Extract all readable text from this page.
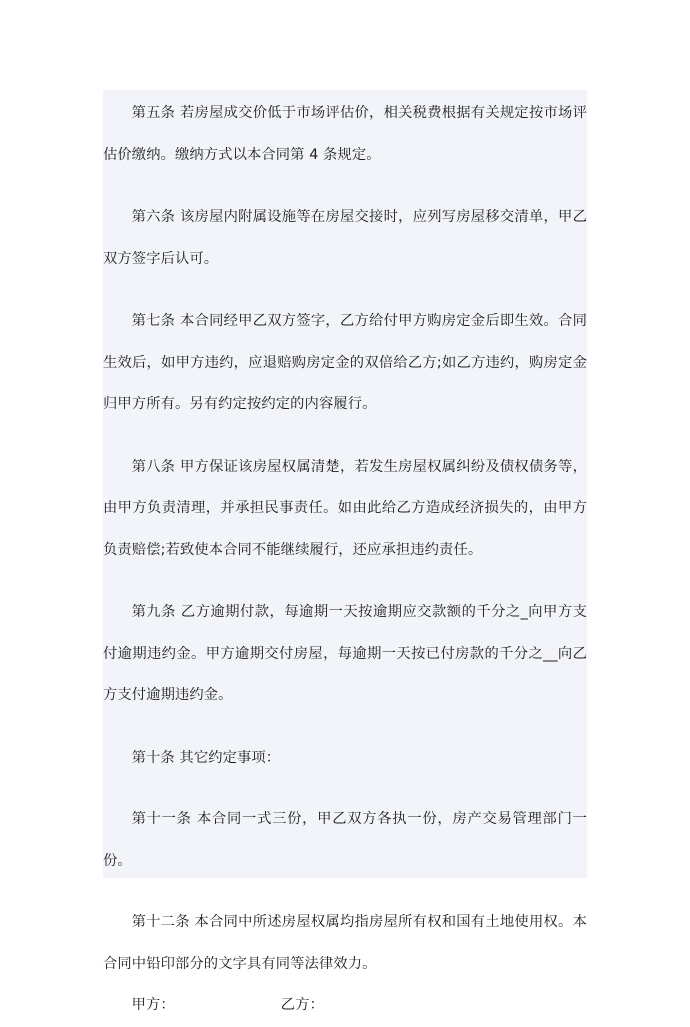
第五条 若房屋成交价低于市场评估价，相关税费根据有关规定按市场评估价缴纳。缴纳方式以本合同第 4 条规定。

第六条 该房屋内附属设施等在房屋交接时，应列写房屋移交清单，甲乙双方签字后认可。

第七条 本合同经甲乙双方签字，乙方给付甲方购房定金后即生效。合同生效后，如甲方违约，应退赔购房定金的双倍给乙方;如乙方违约，购房定金归甲方所有。另有约定按约定的内容履行。

第八条 甲方保证该房屋权属清楚，若发生房屋权属纠纷及债权债务等，由甲方负责清理，并承担民事责任。如由此给乙方造成经济损失的，由甲方负责赔偿;若致使本合同不能继续履行，还应承担违约责任。

第九条 乙方逾期付款，每逾期一天按逾期应交款额的千分之_向甲方支付逾期违约金。甲方逾期交付房屋，每逾期一天按已付房款的千分之__向乙方支付逾期违约金。

第十条 其它约定事项：

第十一条 本合同一式三份，甲乙双方各执一份，房产交易管理部门一份。

第十二条 本合同中所述房屋权属均指房屋所有权和国有土地使用权。本合同中铅印部分的文字具有同等法律效力。

甲方：	乙方：
